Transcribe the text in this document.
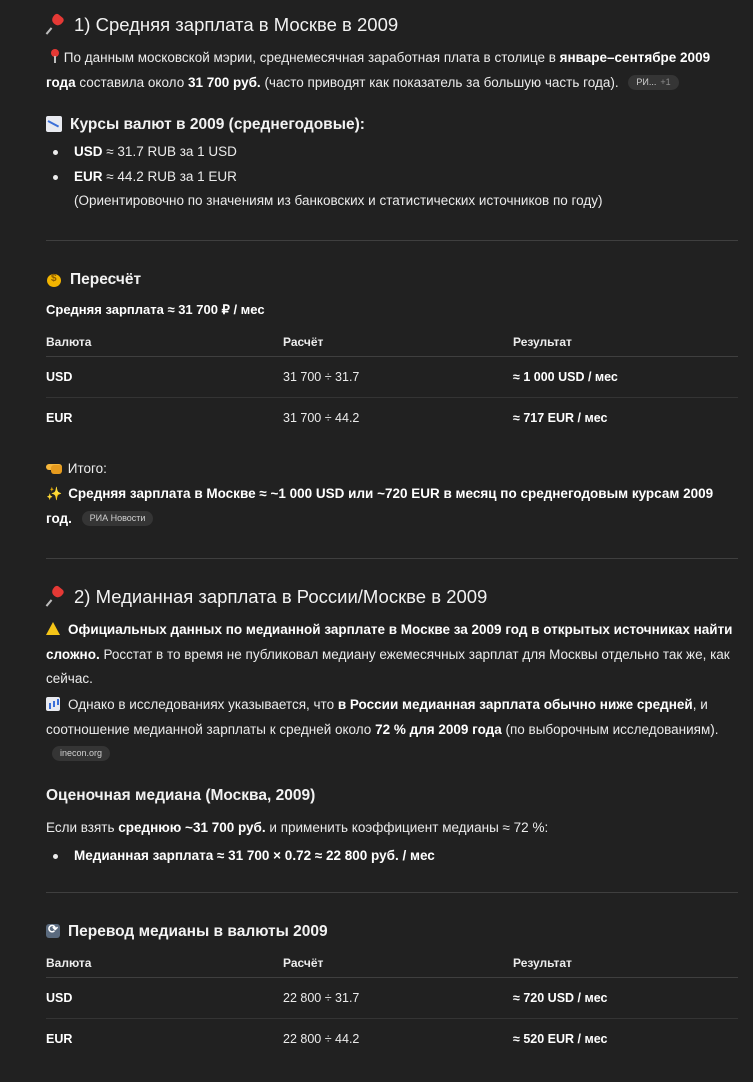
1) Средняя зарплата в Москве в 2009
По данным московской мэрии, среднемесячная заработная плата в столице в январе–сентябре 2009 года составила около 31 700 руб. (часто приводят как показатель за большую часть года). РИ... +1
Курсы валют в 2009 (среднегодовые):
USD ≈ 31.7 RUB за 1 USD
EUR ≈ 44.2 RUB за 1 EUR
(Ориентировочно по значениям из банковских и статистических источников по году)
$Пересчёт
Средняя зарплата ≈ 31 700 ₽ / мес
Валюта	Расчёт	Результат
USD	31 700 ÷ 31.7	≈ 1 000 USD / мес
EUR	31 700 ÷ 44.2	≈ 717 EUR / мес
Итого:
✨ Средняя зарплата в Москве ≈ ~1 000 USD или ~720 EUR в месяц по среднегодовым курсам 2009 год. РИА Новости
2) Медианная зарплата в России/Москве в 2009
Официальных данных по медианной зарплате в Москве за 2009 год в открытых источниках найти сложно. Росстат в то время не публиковал медиану ежемесячных зарплат для Москвы отдельно так же, как сейчас.
Однако в исследованиях указывается, что в России медианная зарплата обычно ниже средней, и соотношение медианной зарплаты к средней около 72 % для 2009 года (по выборочным исследованиям). inecon.org
Оценочная медиана (Москва, 2009)
Если взять среднюю ~31 700 руб. и применить коэффициент медианы ≈ 72 %:
Медианная зарплата ≈ 31 700 × 0.72 ≈ 22 800 руб. / мес
⟳Перевод медианы в валюты 2009
Валюта	Расчёт	Результат
USD	22 800 ÷ 31.7	≈ 720 USD / мес
EUR	22 800 ÷ 44.2	≈ 520 EUR / мес
